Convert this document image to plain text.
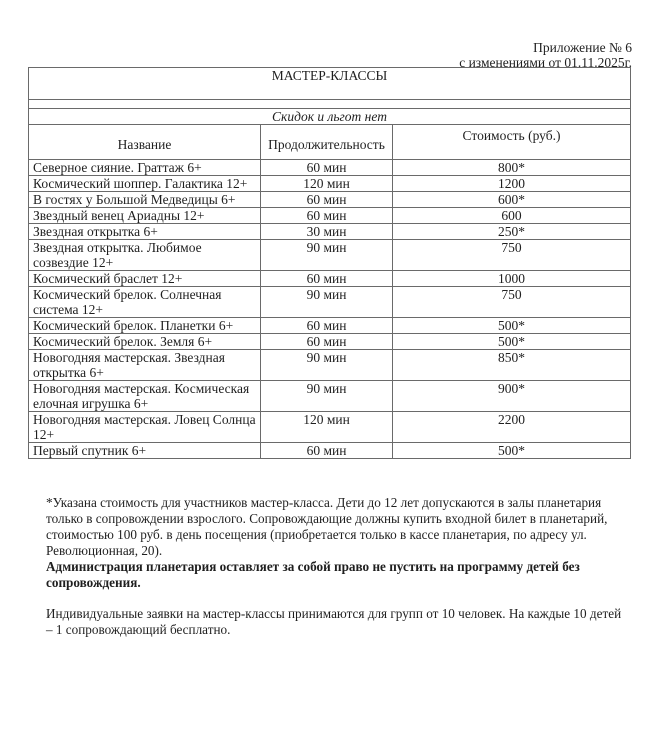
Приложение № 6
с изменениями от 01.11.2025г.
МАСТЕР-КЛАССЫ		

Скидок и льгот нет		
Название	Продолжительность	Стоимость (руб.)
Северное сияние. Граттаж 6+	60 мин	800*
Космический шоппер. Галактика 12+	120 мин	1200
В гостях у Большой Медведицы 6+	60 мин	600*
Звездный венец Ариадны 12+	60 мин	600
Звездная открытка 6+	30 мин	250*
Звездная открытка. Любимое созвездие 12+	90 мин	750
Космический браслет 12+	60 мин	1000
Космический брелок. Солнечная система 12+	90 мин	750
Космический брелок. Планетки 6+	60 мин	500*
Космический брелок. Земля 6+	60 мин	500*
Новогодняя мастерская. Звездная открытка 6+	90 мин	850*
Новогодняя мастерская. Космическая елочная игрушка 6+	90 мин	900*
Новогодняя мастерская. Ловец Солнца 12+	120 мин	2200
Первый спутник 6+	60 мин	500*

*Указана стоимость для участников мастер-класса. Дети до 12 лет допускаются в залы планетария только в сопровождении взрослого. Сопровождающие должны купить входной билет в планетарий, стоимостью 100 руб. в день посещения (приобретается только в кассе планетария, по адресу ул. Революционная, 20).

Администрация планетария оставляет за собой право не пустить на программу детей без сопровождения.

Индивидуальные заявки на мастер-классы принимаются для групп от 10 человек. На каждые 10 детей – 1 сопровождающий бесплатно.
